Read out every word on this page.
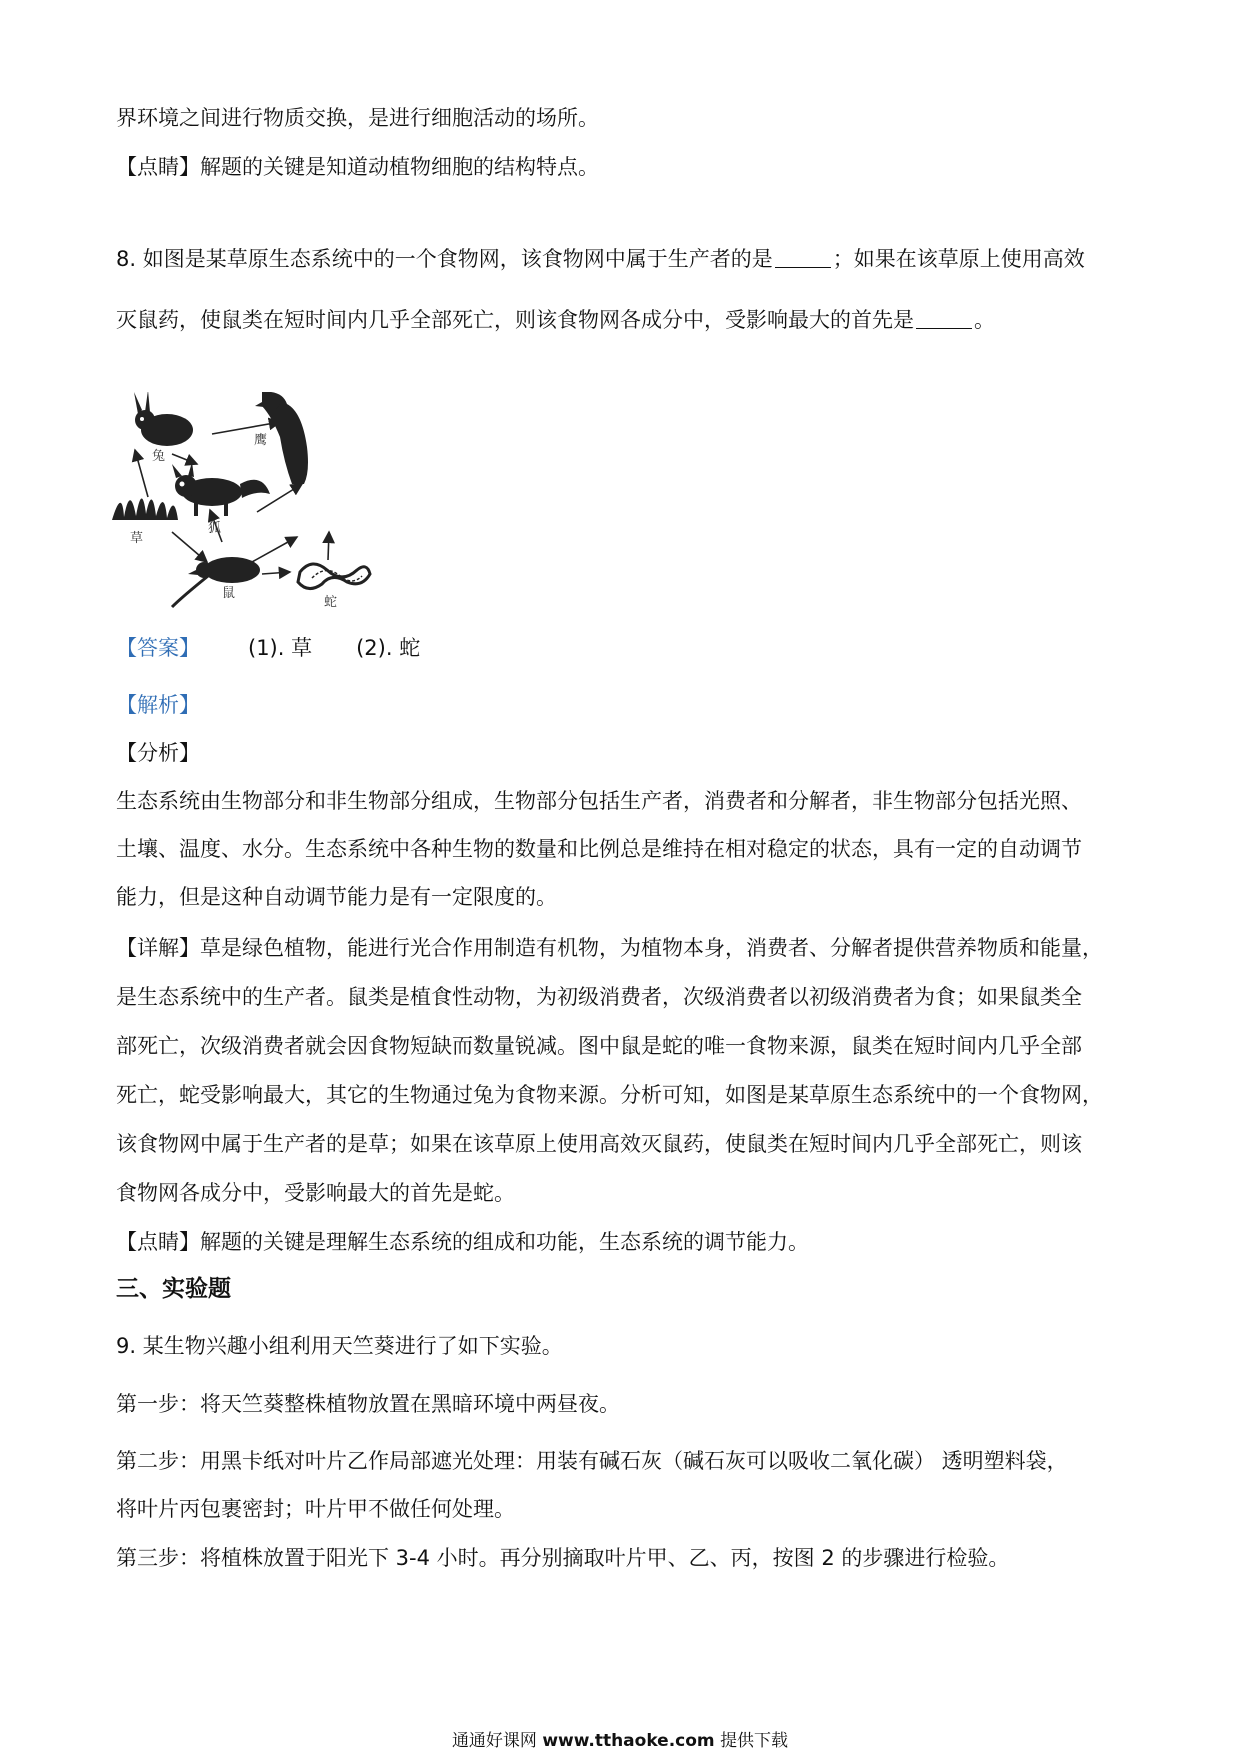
界环境之间进行物质交换，是进行细胞活动的场所。
【点睛】解题的关键是知道动植物细胞的结构特点。
8. 如图是某草原生态系统中的一个食物网，该食物网中属于生产者的是	；如果在该草原上使用高效
灭鼠药，使鼠类在短时间内几乎全部死亡，则该食物网各成分中，受影响最大的首先是	。
兔
鹰
狐
草
鼠
蛇
【答案】 (1). 草 (2). 蛇
【解析】
【分析】
生态系统由生物部分和非生物部分组成，生物部分包括生产者，消费者和分解者，非生物部分包括光照、
土壤、温度、水分。生态系统中各种生物的数量和比例总是维持在相对稳定的状态，具有一定的自动调节
能力，但是这种自动调节能力是有一定限度的。
【详解】草是绿色植物，能进行光合作用制造有机物，为植物本身，消费者、分解者提供营养物质和能量，
是生态系统中的生产者。鼠类是植食性动物，为初级消费者，次级消费者以初级消费者为食；如果鼠类全
部死亡，次级消费者就会因食物短缺而数量锐减。图中鼠是蛇的唯一食物来源，鼠类在短时间内几乎全部
死亡，蛇受影响最大，其它的生物通过兔为食物来源。分析可知，如图是某草原生态系统中的一个食物网，
该食物网中属于生产者的是草；如果在该草原上使用高效灭鼠药，使鼠类在短时间内几乎全部死亡，则该
食物网各成分中，受影响最大的首先是蛇。
【点睛】解题的关键是理解生态系统的组成和功能，生态系统的调节能力。
三、实验题
9. 某生物兴趣小组利用天竺葵进行了如下实验。
第一步：将天竺葵整株植物放置在黑暗环境中两昼夜。
第二步：用黑卡纸对叶片乙作局部遮光处理：用装有碱石灰（碱石灰可以吸收二氧化碳） 透明塑料袋，
将叶片丙包裹密封；叶片甲不做任何处理。
第三步：将植株放置于阳光下 3-4 小时。再分别摘取叶片甲、乙、丙，按图 2 的步骤进行检验。
通通好课网 www.tthaoke.com 提供下载
